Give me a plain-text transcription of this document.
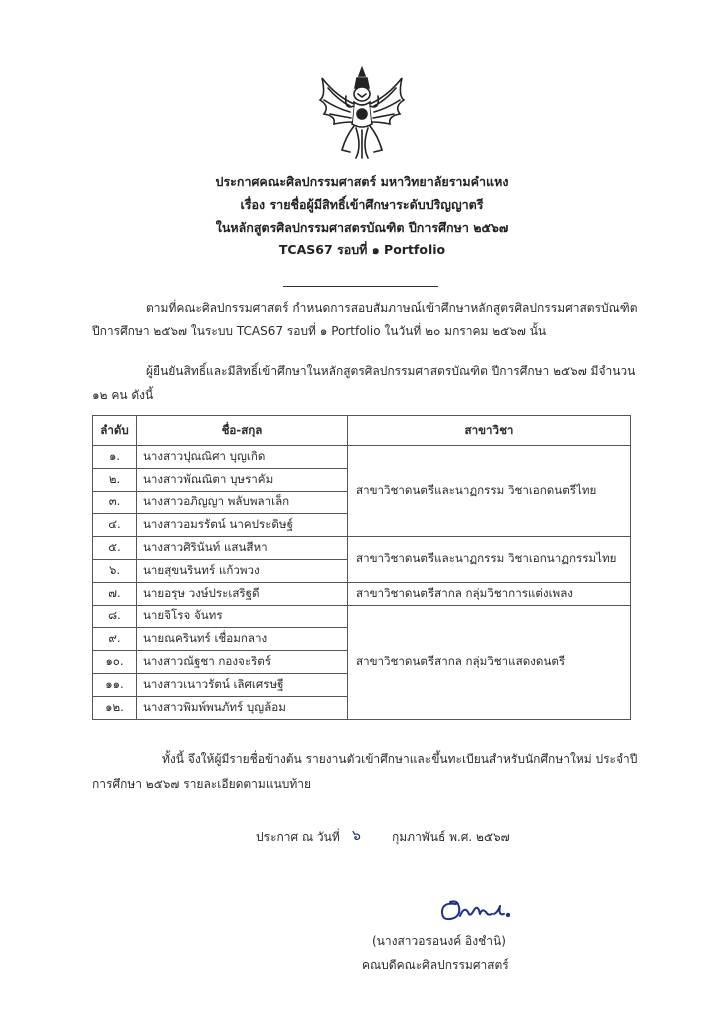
ประกาศคณะศิลปกรรมศาสตร์ มหาวิทยาลัยรามคำแหง
เรื่อง รายชื่อผู้มีสิทธิ์เข้าศึกษาระดับปริญญาตรี
ในหลักสูตรศิลปกรรมศาสตรบัณฑิต ปีการศึกษา ๒๕๖๗
TCAS67 รอบที่ ๑ Portfolio
ตามที่คณะศิลปกรรมศาสตร์ กำหนดการสอบสัมภาษณ์เข้าศึกษาหลักสูตรศิลปกรรมศาสตรบัณฑิต
ปีการศึกษา ๒๕๖๗ ในระบบ TCAS67 รอบที่ ๑ Portfolio ในวันที่ ๒๐ มกราคม ๒๕๖๗ นั้น
ผู้ยืนยันสิทธิ์และมีสิทธิ์เข้าศึกษาในหลักสูตรศิลปกรรมศาสตรบัณฑิต ปีการศึกษา ๒๕๖๗ มีจำนวน
๑๒ คน ดังนี้
ลำดับ	ชื่อ-สกุล	สาขาวิชา
๑.	นางสาวปุณณิศา บุญเกิด	สาขาวิชาดนตรีและนาฏกรรม วิชาเอกดนตรีไทย
๒.	นางสาวพัณณิตา บุษราคัม	
๓.	นางสาวอภิญญา พลับพลาเล็ก	
๔.	นางสาวอมรรัตน์ นาคประดิษฐ์	
๕.	นางสาวศิรินันท์ แสนสีหา	สาขาวิชาดนตรีและนาฏกรรม วิชาเอกนาฏกรรมไทย
๖.	นายสุขนรินทร์ แก้วพวง	
๗.	นายอรุษ วงษ์ประเสริฐดี	สาขาวิชาดนตรีสากล กลุ่มวิชาการแต่งเพลง
๘.	นายจิโรจ จันทร	สาขาวิชาดนตรีสากล กลุ่มวิชาแสดงดนตรี
๙.	นายณครินทร์ เชื่อมกลาง	
๑๐.	นางสาวณัฐชา กองจะริตร์	
๑๑.	นางสาวเนาวรัตน์ เลิศเศรษฐี	
๑๒.	นางสาวพิมพ์พนภัทร์ บุญล้อม	
ทั้งนี้ จึงให้ผู้มีรายชื่อข้างต้น รายงานตัวเข้าศึกษาและขึ้นทะเบียนสำหรับนักศึกษาใหม่ ประจำปี
การศึกษา ๒๕๖๗ รายละเอียดตามแนบท้าย
ประกาศ ณ วันที่ ๖	กุมภาพันธ์ พ.ศ. ๒๕๖๗
(นางสาวอรอนงค์ อิงชำนิ)
คณบดีคณะศิลปกรรมศาสตร์
